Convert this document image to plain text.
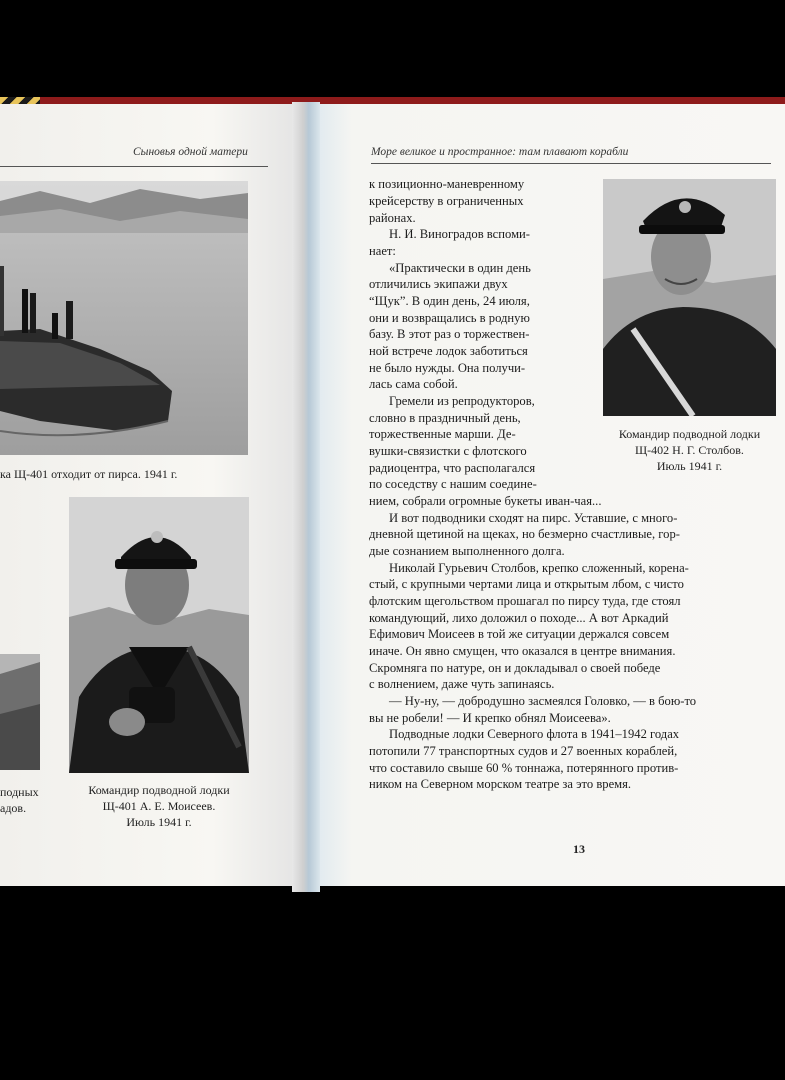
Сыновья одной матери
ка Щ-401 отходит от пирса. 1941 г.
подных
адов.
Командир подводной лодки
Щ-401 А. Е. Моисеев.
Июль 1941 г.
Море великое и пространное: там плавают корабли
Командир подводной лодки
Щ-402 Н. Г. Столбов.
Июль 1941 г.
к позиционно-маневренному
крейсерству в ограниченных
районах.
Н. И. Виноградов вспоми-
нает:
«Практически в один день
отличились экипажи двух
“Щук”. В один день, 24 июля,
они и возвращались в родную
базу. В этот раз о торжествен-
ной встрече лодок заботиться
не было нужды. Она получи-
лась сама собой.
Гремели из репродукторов,
словно в праздничный день,
торжественные марши. Де-
вушки-связистки с флотского
радиоцентра, что располагался
по соседству с нашим соедине-
нием, собрали огромные букеты иван-чая...
И вот подводники сходят на пирс. Уставшие, с много-
дневной щетиной на щеках, но безмерно счастливые, гор-
дые сознанием выполненного долга.
Николай Гурьевич Столбов, крепко сложенный, корена-
стый, с крупными чертами лица и открытым лбом, с чисто
флотским щегольством прошагал по пирсу туда, где стоял
командующий, лихо доложил о походе... А вот Аркадий
Ефимович Моисеев в той же ситуации держался совсем
иначе. Он явно смущен, что оказался в центре внимания.
Скромняга по натуре, он и докладывал о своей победе
с волнением, даже чуть запинаясь.
— Ну-ну, — добродушно засмеялся Головко, — в бою-то
вы не робели! — И крепко обнял Моисеева».
Подводные лодки Северного флота в 1941–1942 годах
потопили 77 транспортных судов и 27 военных кораблей,
что составило свыше 60 % тоннажа, потерянного против-
ником на Северном морском театре за это время.
13
